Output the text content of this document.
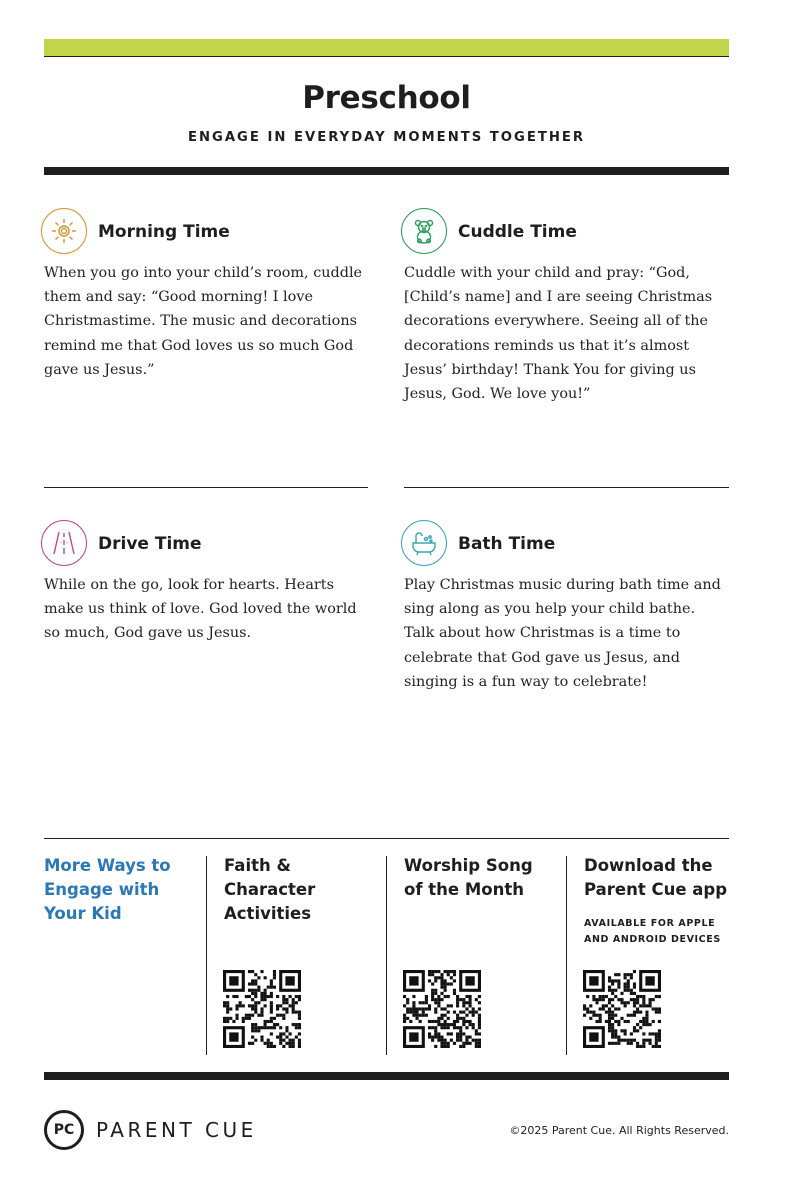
Preschool
ENGAGE IN EVERYDAY MOMENTS TOGETHER
Morning Time
When you go into your child’s room, cuddle them and say: “Good morning! I love Christmastime. The music and decorations remind me that God loves us so much God gave us Jesus.”
Cuddle Time
Cuddle with your child and pray: “God, [Child’s name] and I are seeing Christmas decorations everywhere. Seeing all of the decorations reminds us that it’s almost Jesus’ birthday! Thank You for giving us Jesus, God. We love you!”
Drive Time
While on the go, look for hearts. Hearts make us think of love. God loved the world so much, God gave us Jesus.
Bath Time
Play Christmas music during bath time and sing along as you help your child bathe. Talk about how Christmas is a time to celebrate that God gave us Jesus, and singing is a fun way to celebrate!
More Ways to Engage with Your Kid
Faith & Character Activities
Worship Song of the Month
Download the Parent Cue app
AVAILABLE FOR APPLE AND ANDROID DEVICES
PC PARENT CUE	©2025 Parent Cue. All Rights Reserved.
